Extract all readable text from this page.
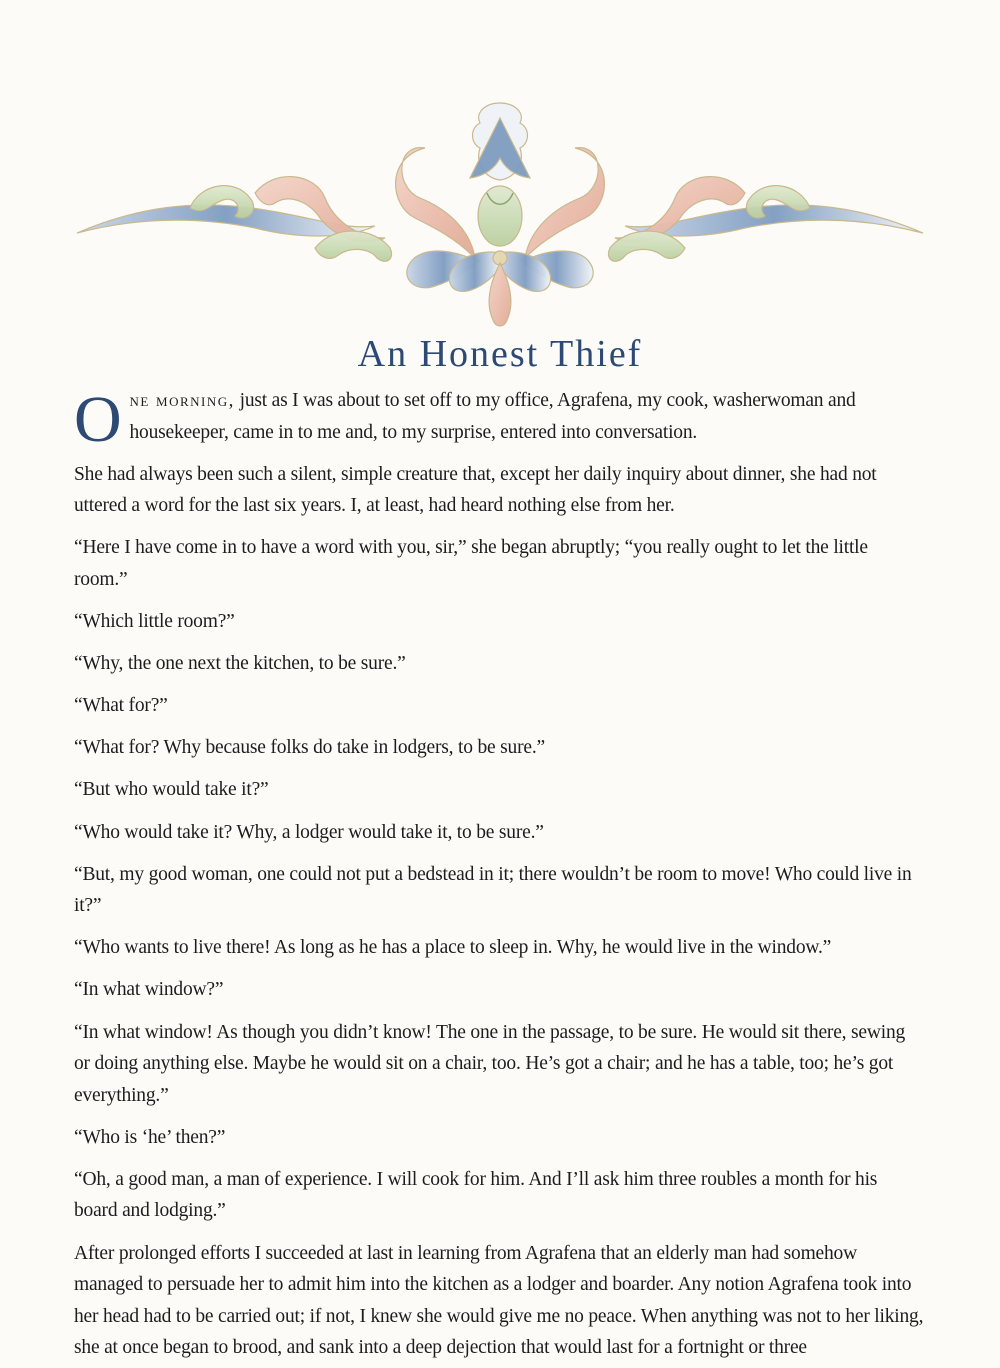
An Honest Thief

One morning, just as I was about to set off to my office, Agrafena, my cook, washerwoman and housekeeper, came in to me and, to my surprise, entered into conversation.

She had always been such a silent, simple creature that, except her daily inquiry about dinner, she had not uttered a word for the last six years. I, at least, had heard nothing else from her.

“Here I have come in to have a word with you, sir,” she began abruptly; “you really ought to let the little room.”

“Which little room?”

“Why, the one next the kitchen, to be sure.”

“What for?”

“What for? Why because folks do take in lodgers, to be sure.”

“But who would take it?”

“Who would take it? Why, a lodger would take it, to be sure.”

“But, my good woman, one could not put a bedstead in it; there wouldn’t be room to move! Who could live in it?”

“Who wants to live there! As long as he has a place to sleep in. Why, he would live in the window.”

“In what window?”

“In what window! As though you didn’t know! The one in the passage, to be sure. He would sit there, sewing or doing anything else. Maybe he would sit on a chair, too. He’s got a chair; and he has a table, too; he’s got everything.”

“Who is ‘he’ then?”

“Oh, a good man, a man of experience. I will cook for him. And I’ll ask him three roubles a month for his board and lodging.”

After prolonged efforts I succeeded at last in learning from Agrafena that an elderly man had somehow managed to persuade her to admit him into the kitchen as a lodger and boarder. Any notion Agrafena took into her head had to be carried out; if not, I knew she would give me no peace. When anything was not to her liking, she at once began to brood, and sank into a deep dejection that would last for a fortnight or three
